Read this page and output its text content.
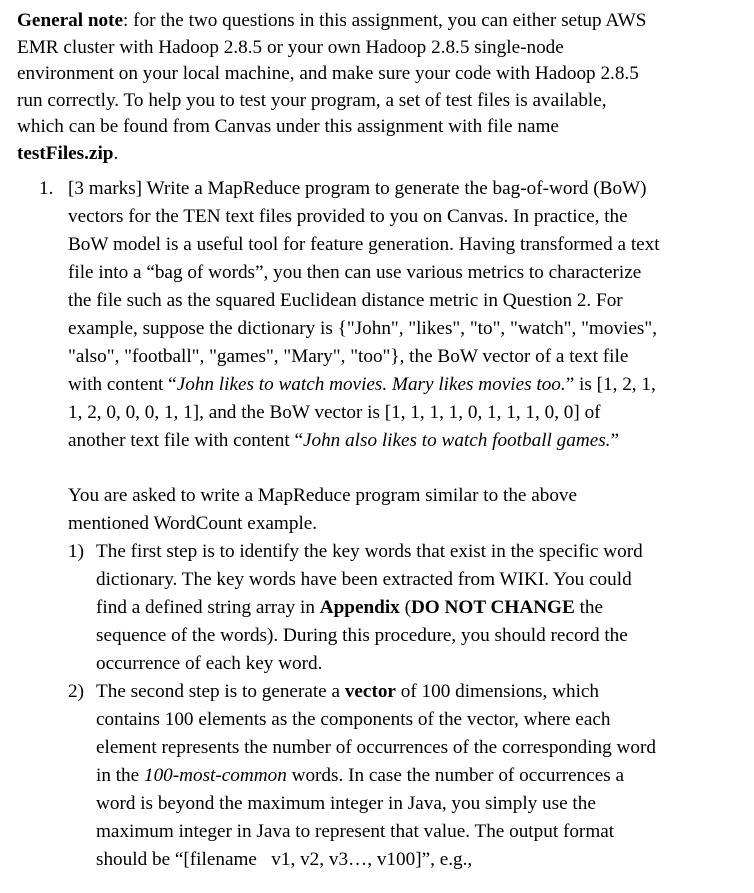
General note: for the two questions in this assignment, you can either setup AWS
EMR cluster with Hadoop 2.8.5 or your own Hadoop 2.8.5 single-node
environment on your local machine, and make sure your code with Hadoop 2.8.5
run correctly. To help you to test your program, a set of test files is available,
which can be found from Canvas under this assignment with file name
testFiles.zip.
1. [3 marks] Write a MapReduce program to generate the bag-of-word (BoW)
vectors for the TEN text files provided to you on Canvas. In practice, the
BoW model is a useful tool for feature generation. Having transformed a text
file into a “bag of words”, you then can use various metrics to characterize
the file such as the squared Euclidean distance metric in Question 2. For
example, suppose the dictionary is {"John", "likes", "to", "watch", "movies",
"also", "football", "games", "Mary", "too"}, the BoW vector of a text file
with content “John likes to watch movies. Mary likes movies too.” is [1, 2, 1,
1, 2, 0, 0, 0, 1, 1], and the BoW vector is [1, 1, 1, 1, 0, 1, 1, 1, 0, 0] of
another text file with content “John also likes to watch football games.”
You are asked to write a MapReduce program similar to the above
mentioned WordCount example.
1) The first step is to identify the key words that exist in the specific word
dictionary. The key words have been extracted from WIKI. You could
find a defined string array in Appendix (DO NOT CHANGE the
sequence of the words). During this procedure, you should record the
occurrence of each key word.
2) The second step is to generate a vector of 100 dimensions, which
contains 100 elements as the components of the vector, where each
element represents the number of occurrences of the corresponding word
in the 100-most-common words. In case the number of occurrences a
word is beyond the maximum integer in Java, you simply use the
maximum integer in Java to represent that value. The output format
should be “[filename   v1, v2, v3…, v100]”, e.g.,
